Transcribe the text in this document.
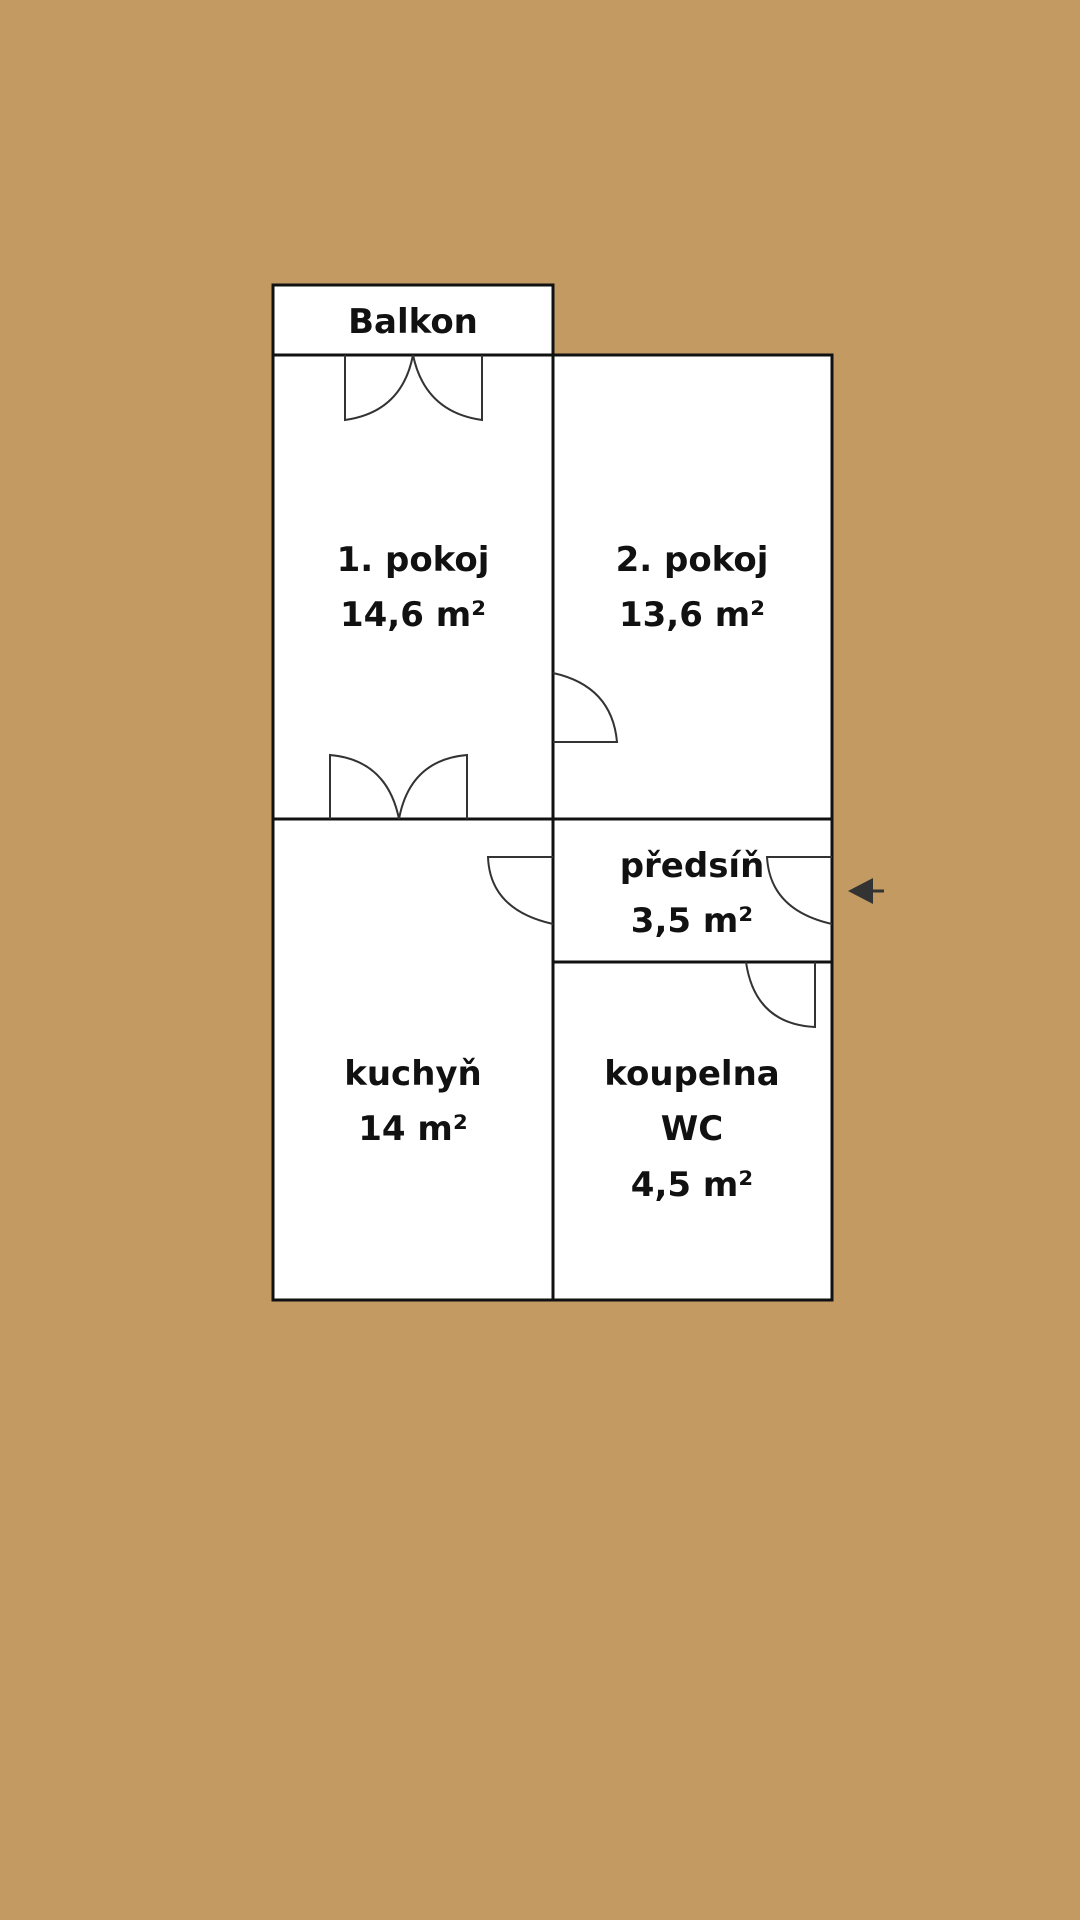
Balkon
1. pokoj
14,6 m²
2. pokoj
13,6 m²
předsíň
3,5 m²
kuchyň
14 m²
koupelna
WC
4,5 m²
